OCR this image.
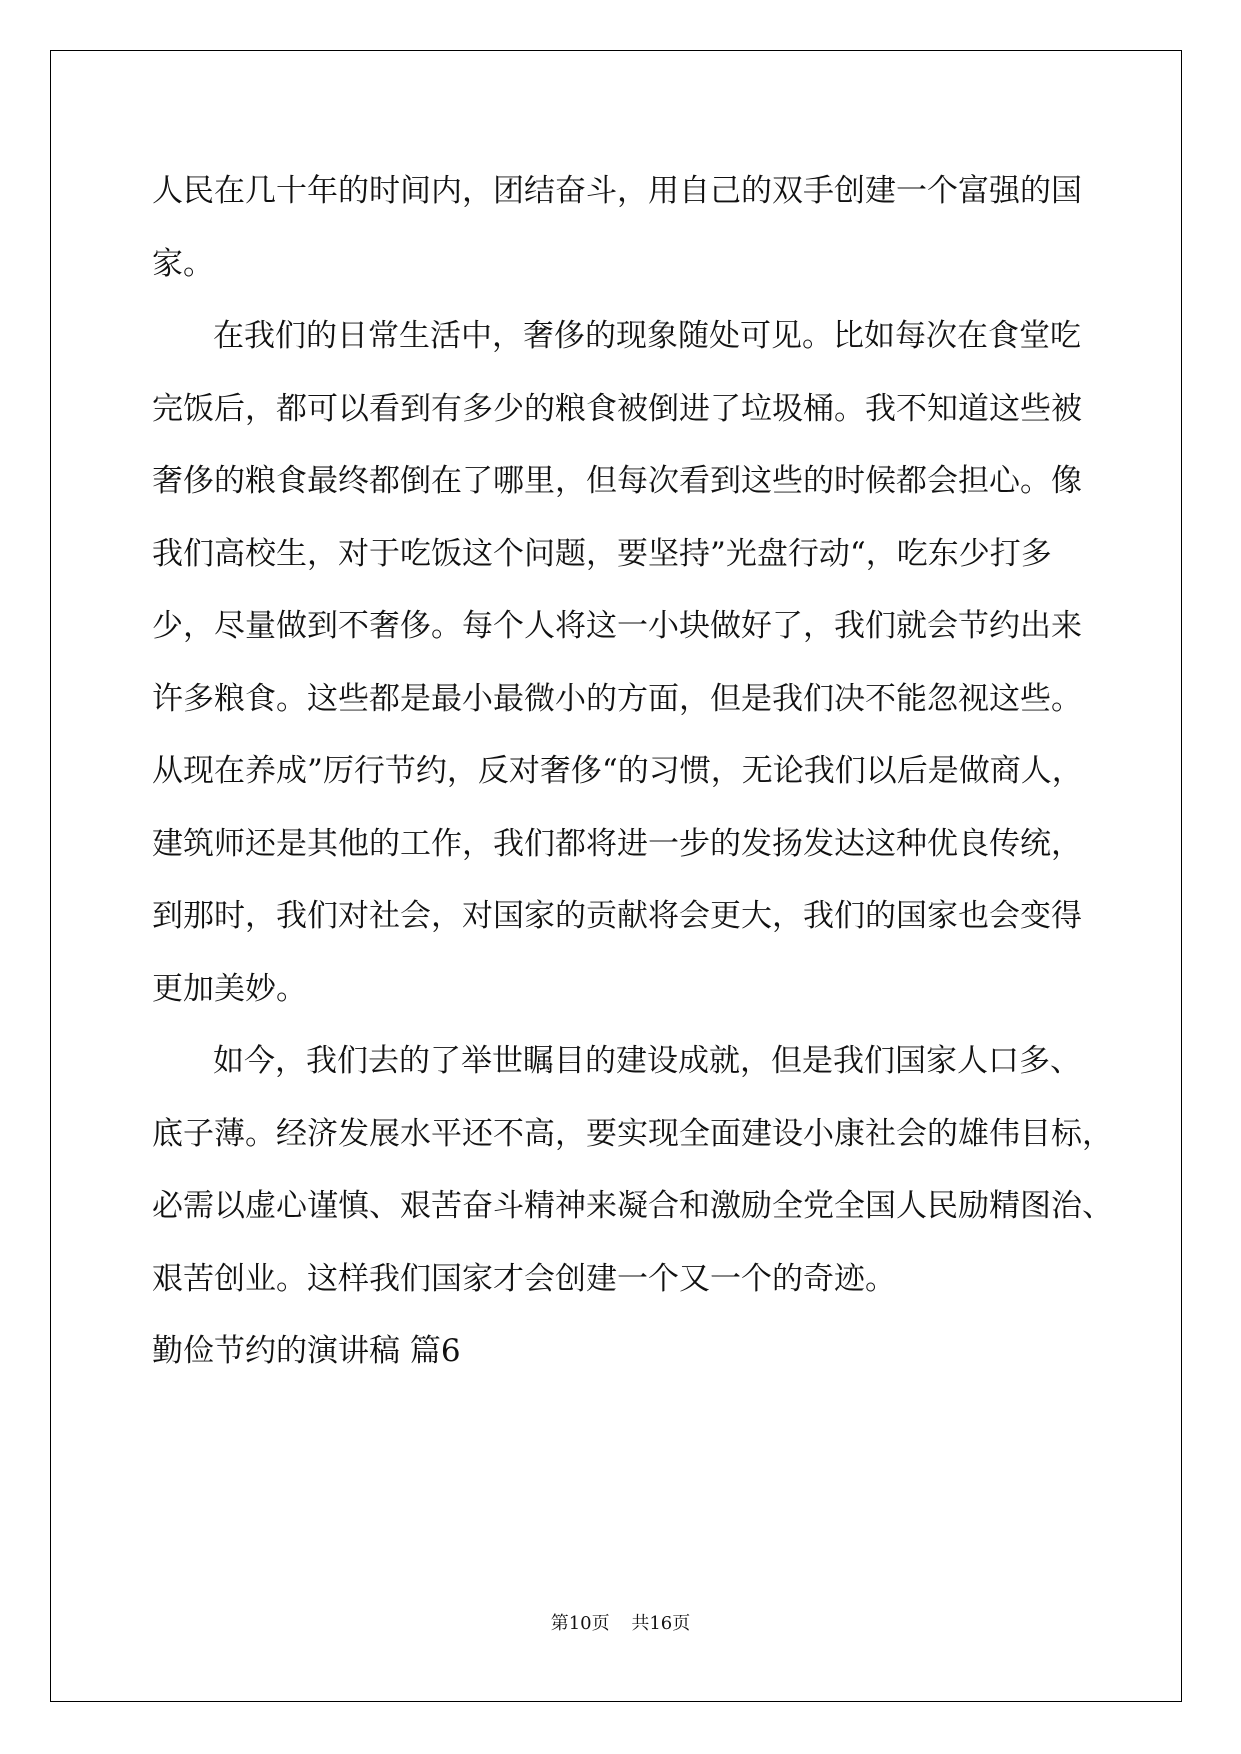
人民在几十年的时间内，团结奋斗，用自己的双手创建一个富强的国
家。
在我们的日常生活中，奢侈的现象随处可见。比如每次在食堂吃
完饭后，都可以看到有多少的粮食被倒进了垃圾桶。我不知道这些被
奢侈的粮食最终都倒在了哪里，但每次看到这些的时候都会担心。像
我们高校生，对于吃饭这个问题，要坚持”光盘行动“，吃东少打多
少，尽量做到不奢侈。每个人将这一小块做好了，我们就会节约出来
许多粮食。这些都是最小最微小的方面，但是我们决不能忽视这些。
从现在养成”厉行节约，反对奢侈“的习惯，无论我们以后是做商人，
建筑师还是其他的工作，我们都将进一步的发扬发达这种优良传统，
到那时，我们对社会，对国家的贡献将会更大，我们的国家也会变得
更加美妙。
如今，我们去的了举世瞩目的建设成就，但是我们国家人口多、
底子薄。经济发展水平还不高，要实现全面建设小康社会的雄伟目标，
必需以虚心谨慎、艰苦奋斗精神来凝合和激励全党全国人民励精图治、
艰苦创业。这样我们国家才会创建一个又一个的奇迹。
勤俭节约的演讲稿 篇6
第10页 共16页
